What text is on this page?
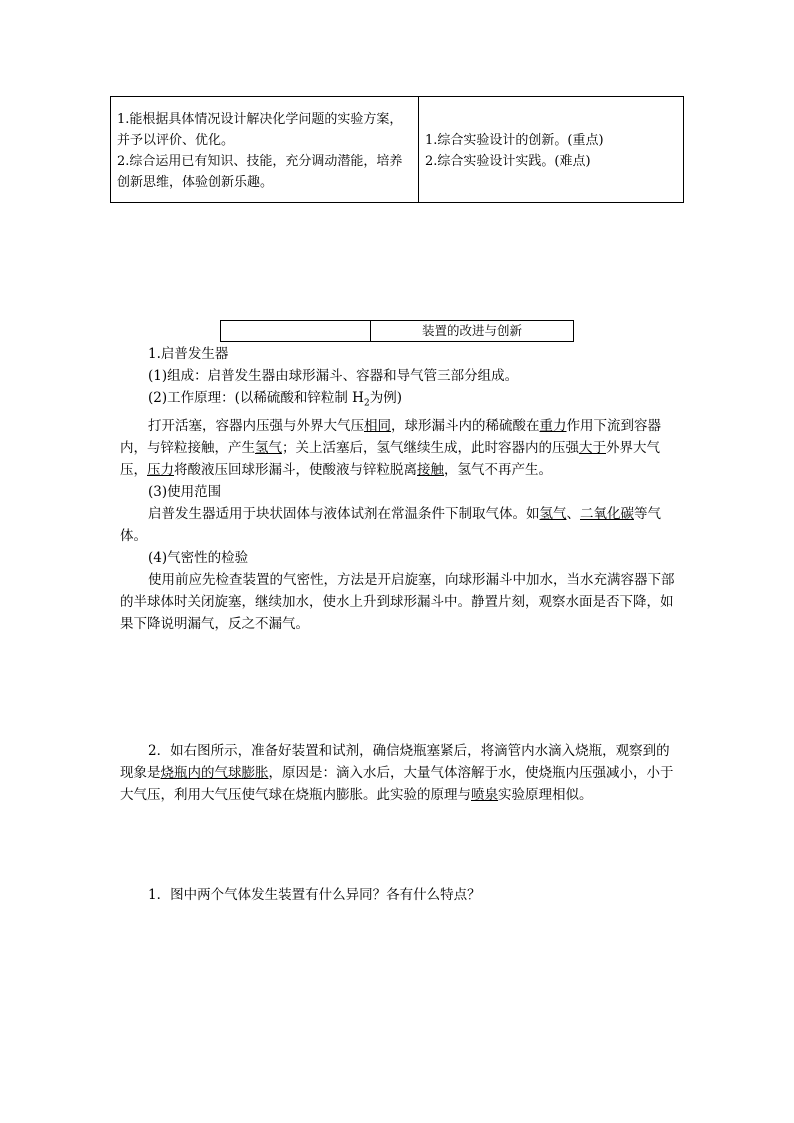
1.能根据具体情况设计解决化学问题的实验方案，并予以评价、优化。

2.综合运用已有知识、技能，充分调动潜能，培养创新思维，体验创新乐趣。

1.综合实验设计的创新。(重点)

2.综合实验设计实践。(难点)

装置的改进与创新

1.启普发生器

(1)组成：启普发生器由球形漏斗、容器和导气管三部分组成。

(2)工作原理：(以稀硫酸和锌粒制 $H_2$为例)

打开活塞，容器内压强与外界大气压相同，球形漏斗内的稀硫酸在重力作用下流到容器内，与锌粒接触，产生氢气；关上活塞后，氢气继续生成，此时容器内的压强大于外界大气压，压力将酸液压回球形漏斗，使酸液与锌粒脱离接触，氢气不再产生。

(3)使用范围

启普发生器适用于块状固体与液体试剂在常温条件下制取气体。如氢气、二氧化碳等气体。

(4)气密性的检验

使用前应先检查装置的气密性，方法是开启旋塞，向球形漏斗中加水，当水充满容器下部的半球体时关闭旋塞，继续加水，使水上升到球形漏斗中。静置片刻，观察水面是否下降，如果下降说明漏气，反之不漏气。

2．如右图所示，准备好装置和试剂，确信烧瓶塞紧后，将滴管内水滴入烧瓶，观察到的现象是烧瓶内的气球膨胀，原因是：滴入水后，大量气体溶解于水，使烧瓶内压强减小，小于大气压，利用大气压使气球在烧瓶内膨胀。此实验的原理与喷泉实验原理相似。

1．图中两个气体发生装置有什么异同？各有什么特点？
